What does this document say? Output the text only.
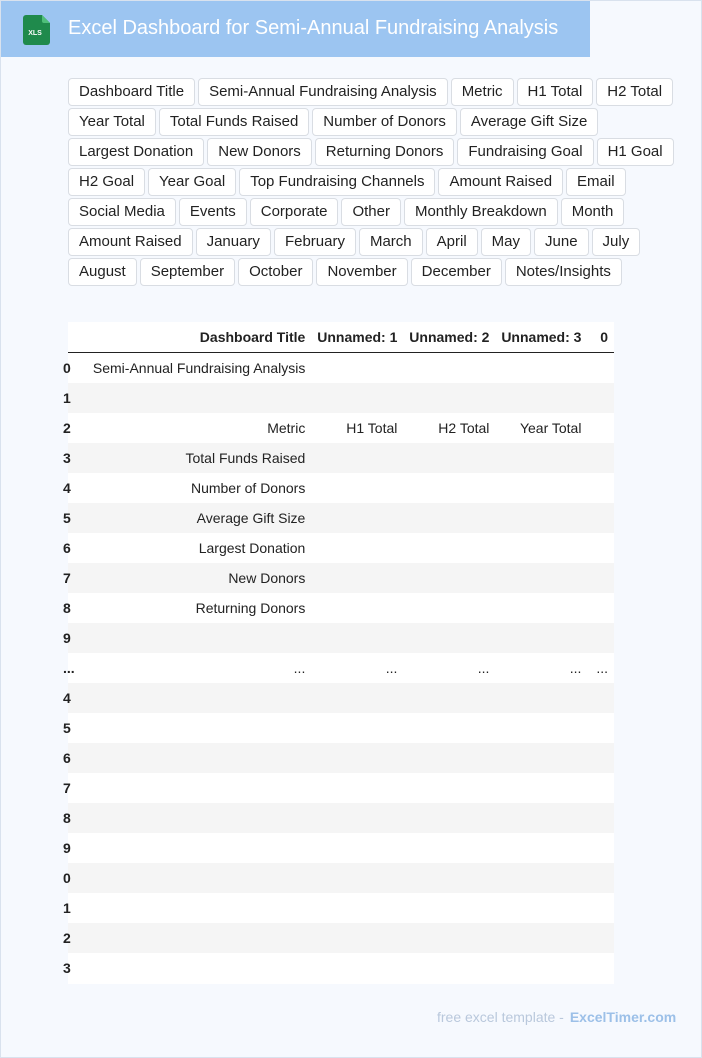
XLS Excel Dashboard for Semi-Annual Fundraising Analysis
Dashboard Title	Semi-Annual Fundraising Analysis	Metric	H1 Total	H2 Total
Year Total	Total Funds Raised	Number of Donors	Average Gift Size
Largest Donation	New Donors	Returning Donors	Fundraising Goal	H1 Goal
H2 Goal	Year Goal	Top Fundraising Channels	Amount Raised	Email
Social Media	Events	Corporate	Other	Monthly Breakdown	Month
Amount Raised	January	February	March	April	May	June	July
August	September	October	November	December	Notes/Insights
	Dashboard Title	Unnamed: 1	Unnamed: 2	Unnamed: 3	0
0	Semi-Annual Fundraising Analysis				
1					
2	Metric	H1 Total	H2 Total	Year Total	
3	Total Funds Raised				
4	Number of Donors				
5	Average Gift Size				
6	Largest Donation				
7	New Donors				
8	Returning Donors				
9					
...	...	...	...	...	...
4					
5					
6					
7					
8					
9					
0					
1					
2					
3					
free excel template - ExcelTimer.com
